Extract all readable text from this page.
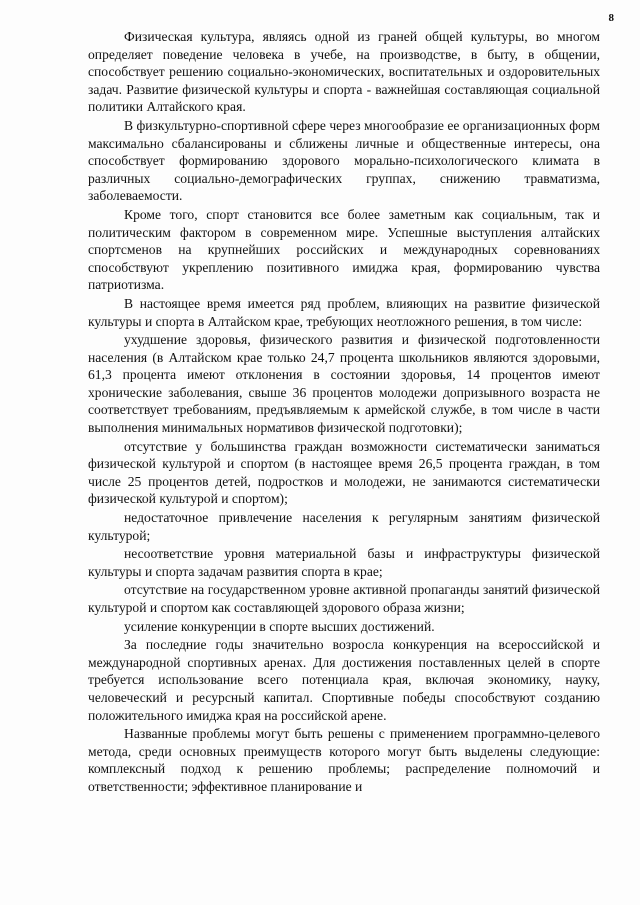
8

Физическая культура, являясь одной из граней общей культуры, во многом определяет поведение человека в учебе, на производстве, в быту, в общении, способствует решению социально-экономических, воспитательных и оздоровительных задач. Развитие физической культуры и спорта - важнейшая составляющая социальной политики Алтайского края.

В физкультурно-спортивной сфере через многообразие ее организационных форм максимально сбалансированы и сближены личные и общественные интересы, она способствует формированию здорового морально-психологического климата в различных социально-демографических группах, снижению травматизма, заболеваемости.

Кроме того, спорт становится все более заметным как социальным, так и политическим фактором в современном мире. Успешные выступления алтайских спортсменов на крупнейших российских и международных соревнованиях способствуют укреплению позитивного имиджа края, формированию чувства патриотизма.

В настоящее время имеется ряд проблем, влияющих на развитие физической культуры и спорта в Алтайском крае, требующих неотложного решения, в том числе:

ухудшение здоровья, физического развития и физической подготовленности населения (в Алтайском крае только 24,7 процента школьников являются здоровыми, 61,3 процента имеют отклонения в состоянии здоровья, 14 процентов имеют хронические заболевания, свыше 36 процентов молодежи допризывного возраста не соответствует требованиям, предъявляемым к армейской службе, в том числе в части выполнения минимальных нормативов физической подготовки);

отсутствие у большинства граждан возможности систематически заниматься физической культурой и спортом (в настоящее время 26,5 процента граждан, в том числе 25 процентов детей, подростков и молодежи, не занимаются систематически физической культурой и спортом);

недостаточное привлечение населения к регулярным занятиям физической культурой;

несоответствие уровня материальной базы и инфраструктуры физической культуры и спорта задачам развития спорта в крае;

отсутствие на государственном уровне активной пропаганды занятий физической культурой и спортом как составляющей здорового образа жизни;

усиление конкуренции в спорте высших достижений.

За последние годы значительно возросла конкуренция на всероссийской и международной спортивных аренах. Для достижения поставленных целей в спорте требуется использование всего потенциала края, включая экономику, науку, человеческий и ресурсный капитал. Спортивные победы способствуют созданию положительного имиджа края на российской арене.

Названные проблемы могут быть решены с применением программно-целевого метода, среди основных преимуществ которого могут быть выделены следующие: комплексный подход к решению проблемы; распределение полномочий и ответственности; эффективное планирование и
